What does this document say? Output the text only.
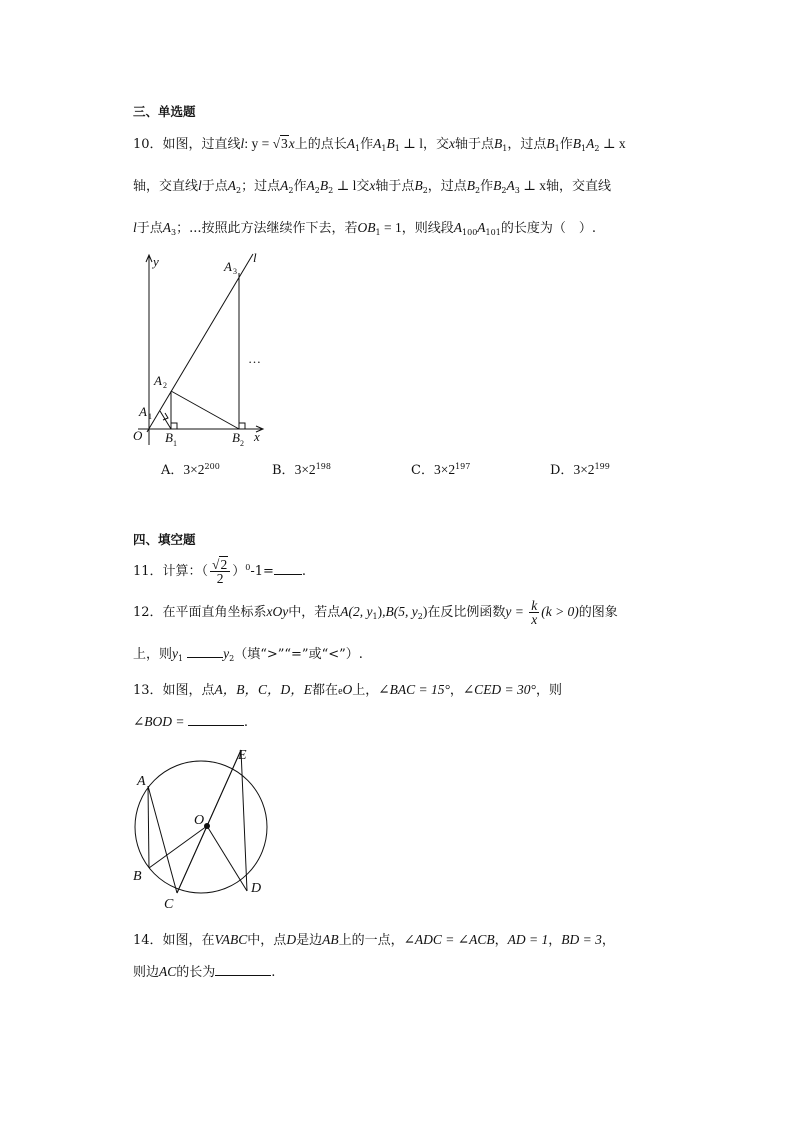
三、单选题
10．如图，过直线l: y = √3x上的点长$A_1$作$A_1B_1$ ⊥ l，交x轴于点$B_1$，过点$B_1$作$B_1A_2$ ⊥ x
轴，交直线l于点$A_2$；过点$A_2$作$A_2B_2$ ⊥ l交x轴于点$B_2$，过点$B_2$作$B_2A_3$ ⊥ x轴，交直线
l于点$A_3$；...按照此方法继续作下去，若$OB_1 = 1$，则线段$A_{100}A_{101}$的长度为（　）.
y
x
l
O
A 1
A 2
A 3
B 1	B 2
…
A．$3\times 2^{200}$	B．$3\times 2^{198}$	C．$3\times 2^{197}$	D．$3\times 2^{199}$
四、填空题
11．计算：（ $\frac{√2}{2} )^0-1=$ .
12．在平面直角坐标系xOy中，若点A(2, $y_1),B(5$, $y_2$)在反比例函数$y = \frac{k}{x} (k > 0)$的图象
上，则$y_1$	$y_2$（填“>”“=”或“<”）.
13．如图，点A，B，C，D，E都在eO上，∠BAC = 15°，∠CED = 30°，则
∠BOD =	.
A
B
C
D
E
O
14．如图，在VABC中，点D是边AB上的一点，∠ADC = ∠ACB，AD = 1，BD = 3，
则边AC的长为	.
